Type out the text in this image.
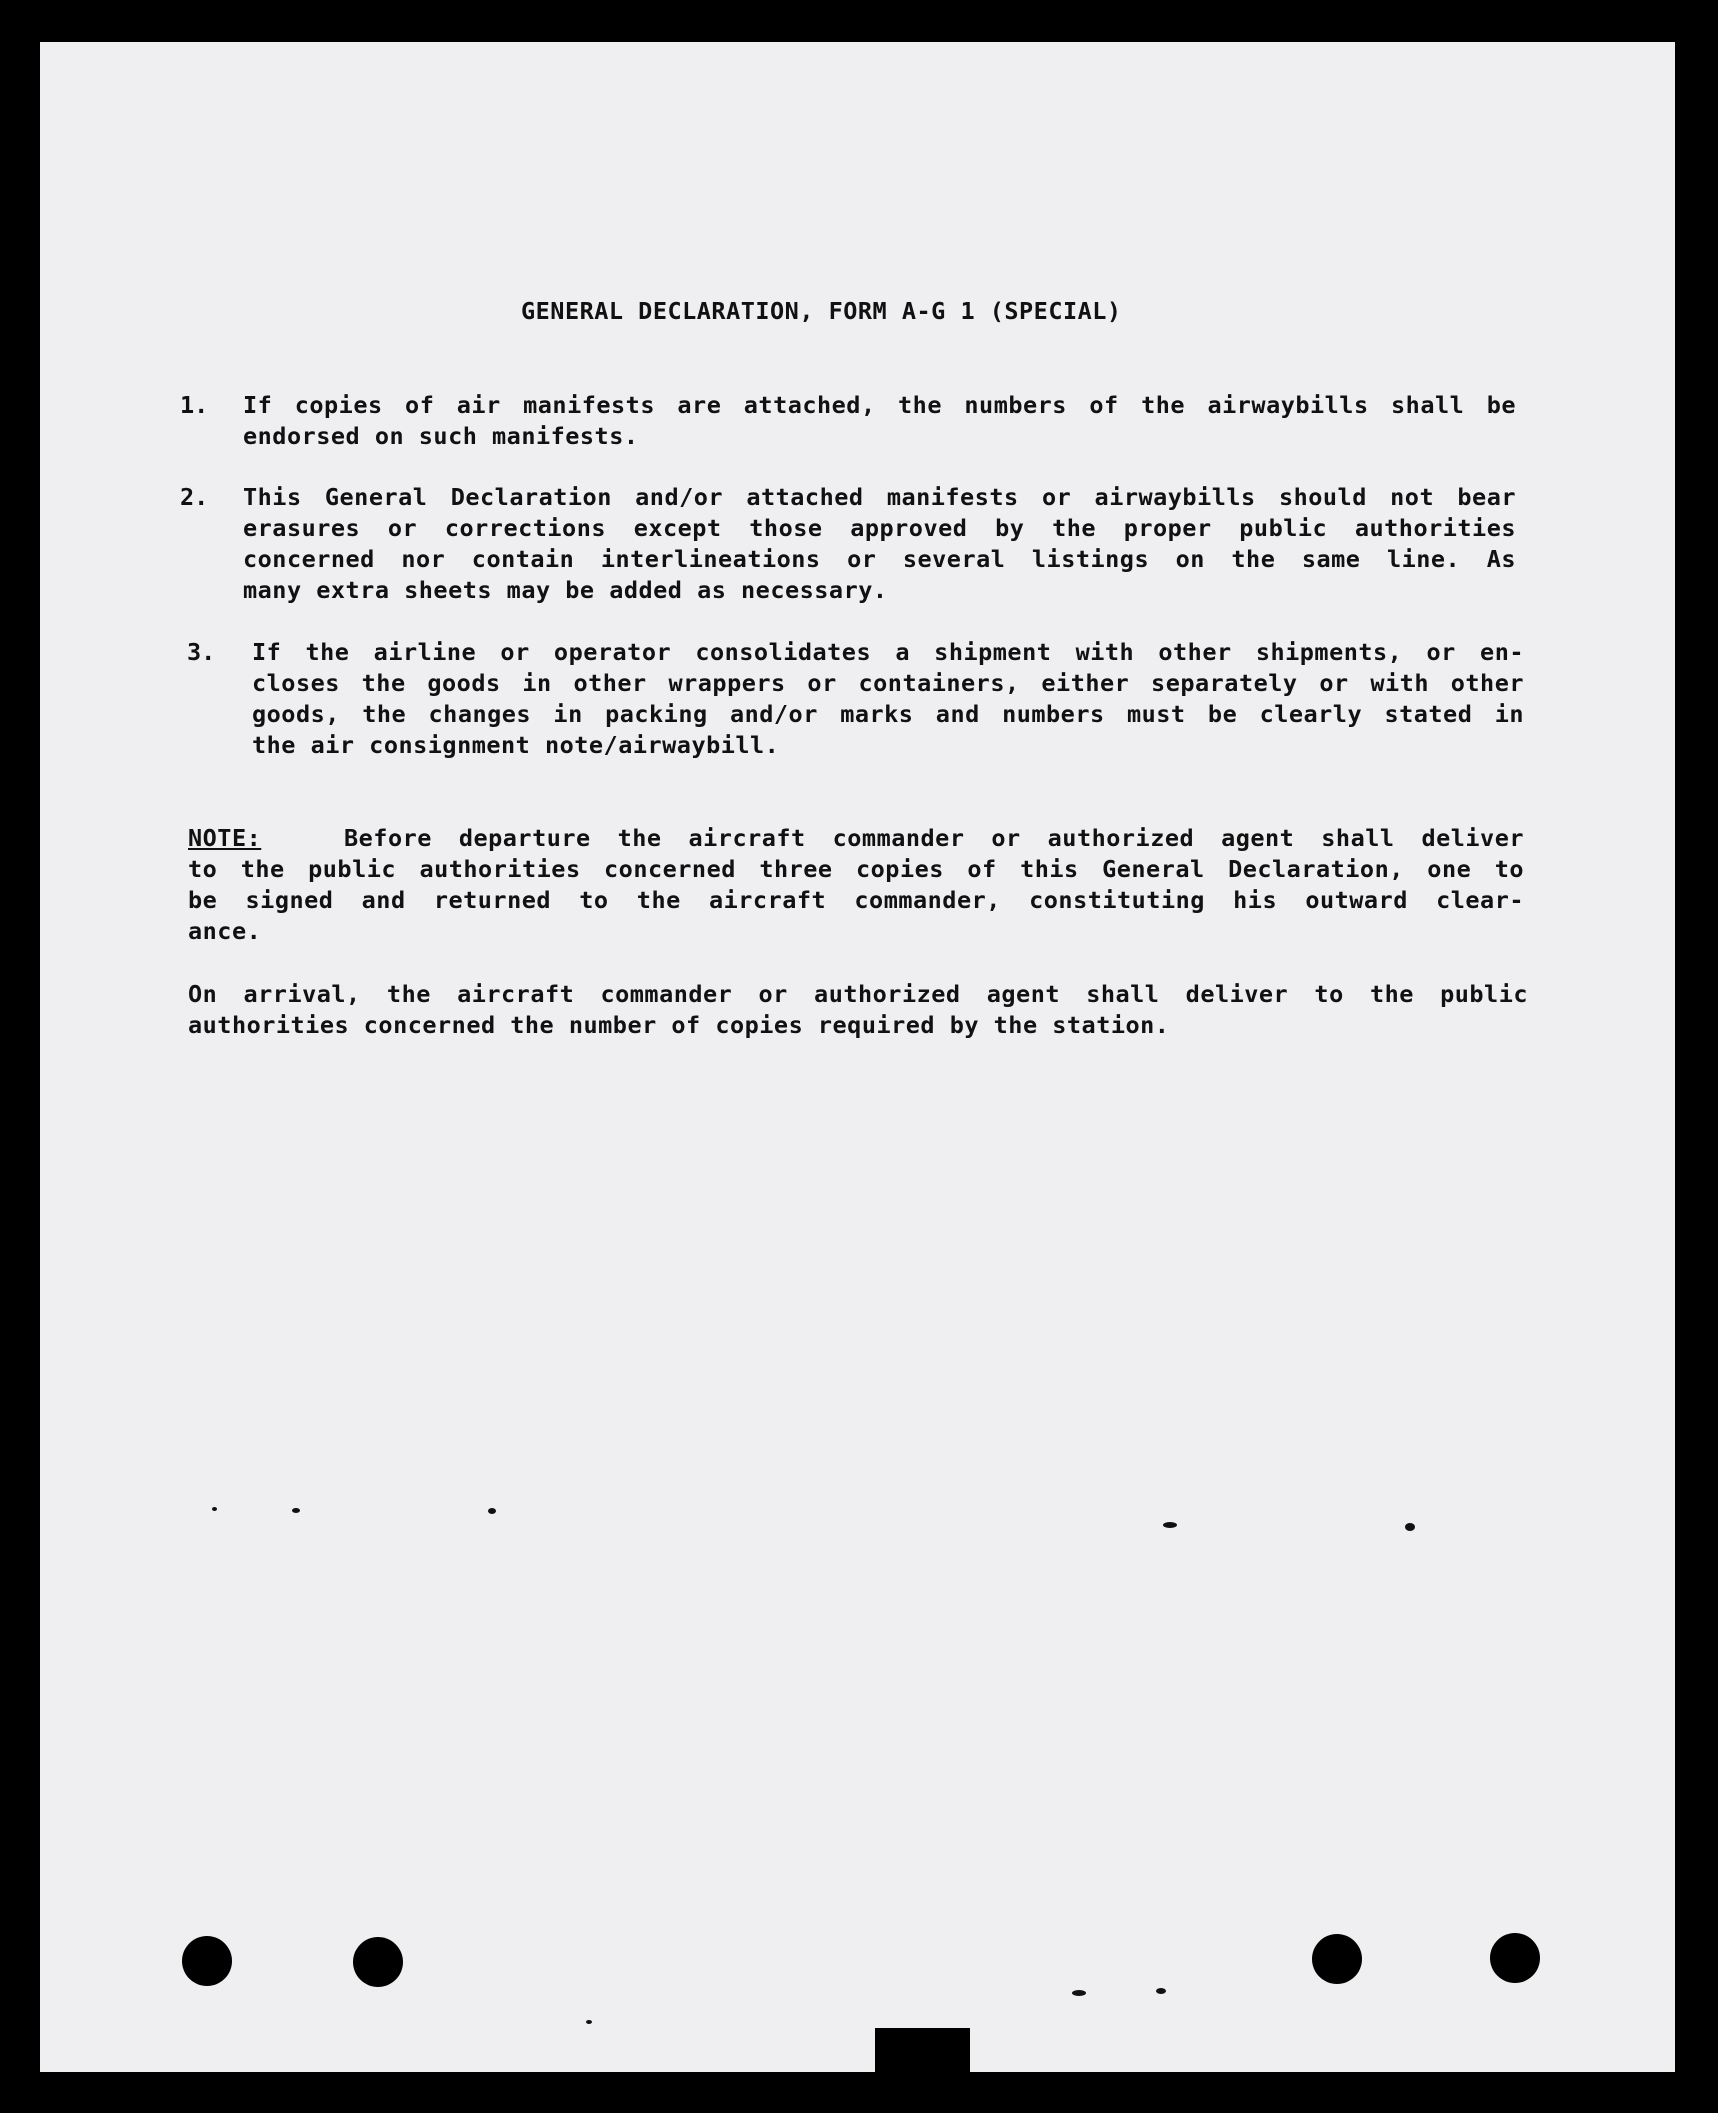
GENERAL DECLARATION, FORM A-G 1 (SPECIAL)
1. If copies of air manifests are attached, the numbers of the airwaybills shall be
endorsed on such manifests.
2. This General Declaration and/or attached manifests or airwaybills should not bear
erasures or corrections except those approved by the proper public authorities
concerned nor contain interlineations or several listings on the same line. As
many extra sheets may be added as necessary.
3. If the airline or operator consolidates a shipment with other shipments, or en-
closes the goods in other wrappers or containers, either separately or with other
goods, the changes in packing and/or marks and numbers must be clearly stated in
the air consignment note/airwaybill.
NOTE:	Before departure the aircraft commander or authorized agent shall deliver
to the public authorities concerned three copies of this General Declaration, one to
be signed and returned to the aircraft commander, constituting his outward clear-
ance.
On arrival, the aircraft commander or authorized agent shall deliver to the public
authorities concerned the number of copies required by the station.
